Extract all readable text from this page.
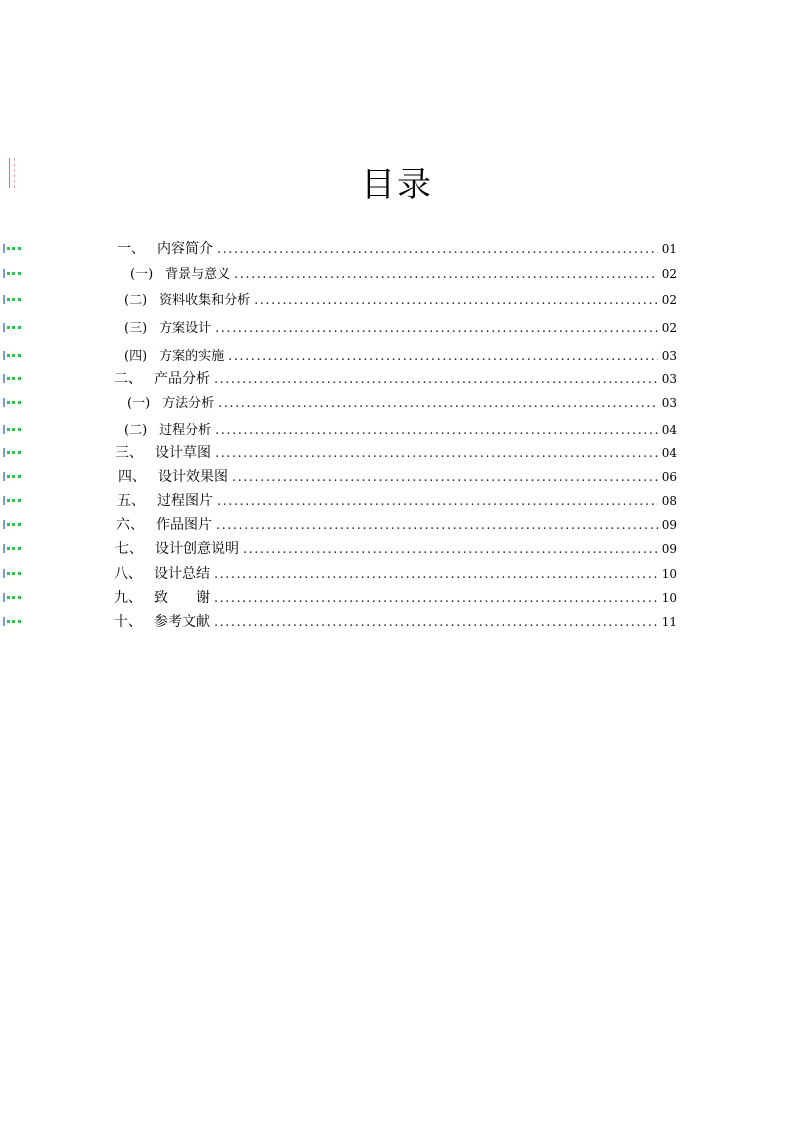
目录
一、 内容简介 .....	01
(一) 背景与意义 .....	02
(二) 资料收集和分析 .....	02
(三) 方案设计 .....	02
(四) 方案的实施 .....	03
二、 产品分析 .....	03
(一) 方法分析 .....	03
(二) 过程分析 .....	04
三、 设计草图 .....	04
四、 设计效果图 .....	06
五、 过程图片 .....	08
六、 作品图片 .....	09
七、 设计创意说明 .....	09
八、 设计总结 .....	10
九、 致　　谢 .....	10
十、 参考文献 .....	11
